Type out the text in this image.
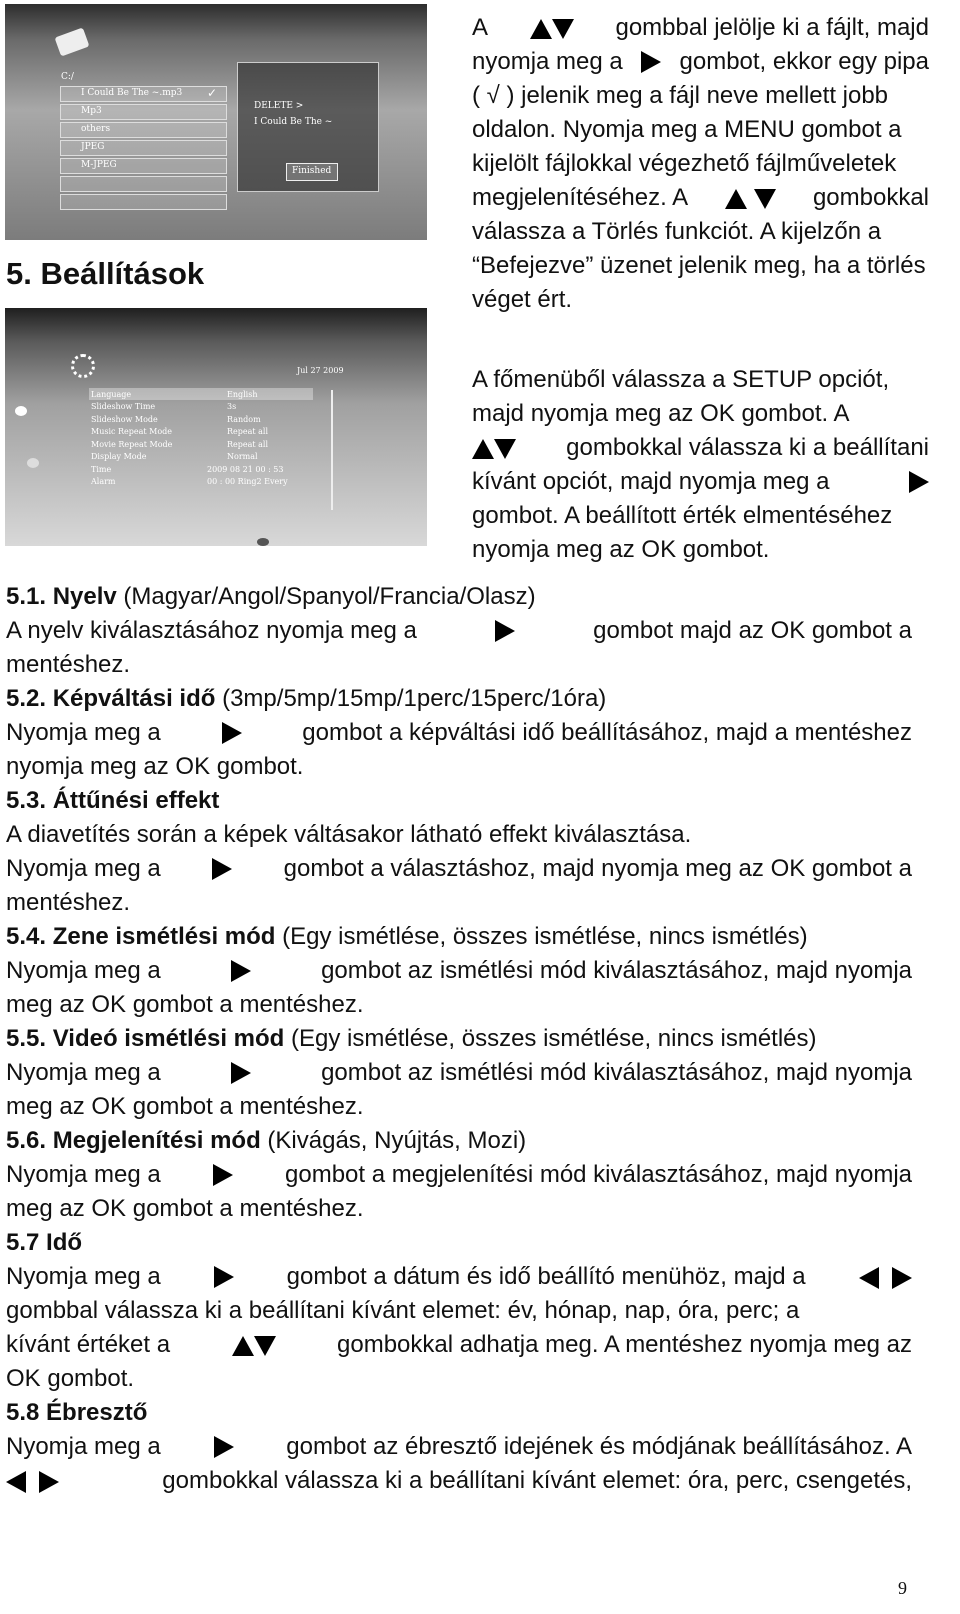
C:/
I Could Be The ~.mp3 ✓
Mp3
others
JPEG
M-JPEG
DELETE >
I Could Be The ~
Finished
5. Beállítások
Jul 27 2009
Language	English
Slideshow Time	3s
Slideshow Mode	Random
Music Repeat Mode	Repeat all
Movie Repeat Mode	Repeat all
Display Mode	Normal
Time	2009 08 21 00 : 53
Alarm	00 : 00 Ring2 Every
A	gombbal jelölje ki a fájlt, majd
nyomja meg a gombot, ekkor egy pipa
( √ ) jelenik meg a fájl neve mellett jobb
oldalon. Nyomja meg a MENU gombot a
kijelölt fájlokkal végezhető fájlműveletek
megjelenítéséhez. A
	gombokkal
válassza a Törlés funkciót. A kijelzőn a
“Befejezve” üzenet jelenik meg, ha a törlés
véget ért.
A főmenüből válassza a SETUP opciót,
majd nyomja meg az OK gombot. A
gombokkal válassza ki a beállítani
kívánt opciót, majd nyomja meg a
gombot. A beállított érték elmentéséhez
nyomja meg az OK gombot.
5.1. Nyelv (Magyar/Angol/Spanyol/Francia/Olasz)
A nyelv kiválasztásához nyomja meg a	gombot majd az OK gombot a
mentéshez.
5.2. Képváltási idő (3mp/5mp/15mp/1perc/15perc/1óra)
Nyomja meg a	gombot a képváltási idő beállításához, majd a mentéshez
nyomja meg az OK gombot.
5.3. Áttűnési effekt
A diavetítés során a képek váltásakor látható effekt kiválasztása.
Nyomja meg a	gombot a választáshoz, majd nyomja meg az OK gombot a
mentéshez.
5.4. Zene ismétlési mód (Egy ismétlése, összes ismétlése, nincs ismétlés)
Nyomja meg a	gombot az ismétlési mód kiválasztásához, majd nyomja
meg az OK gombot a mentéshez.
5.5. Videó ismétlési mód (Egy ismétlése, összes ismétlése, nincs ismétlés)
Nyomja meg a	gombot az ismétlési mód kiválasztásához, majd nyomja
meg az OK gombot a mentéshez.
5.6. Megjelenítési mód (Kivágás, Nyújtás, Mozi)
Nyomja meg a	gombot a megjelenítési mód kiválasztásához, majd nyomja
meg az OK gombot a mentéshez.
5.7 Idő
Nyomja meg a	gombot a dátum és idő beállító menühöz, majd a

gombbal válassza ki a beállítani kívánt elemet: év, hónap, nap, óra, perc; a
kívánt értéket a	gombokkal adhatja meg. A mentéshez nyomja meg az
OK gombot.
5.8 Ébresztő
Nyomja meg a	gombot az ébresztő idejének és módjának beállításához. A

gombokkal válassza ki a beállítani kívánt elemet: óra, perc, csengetés,
9
